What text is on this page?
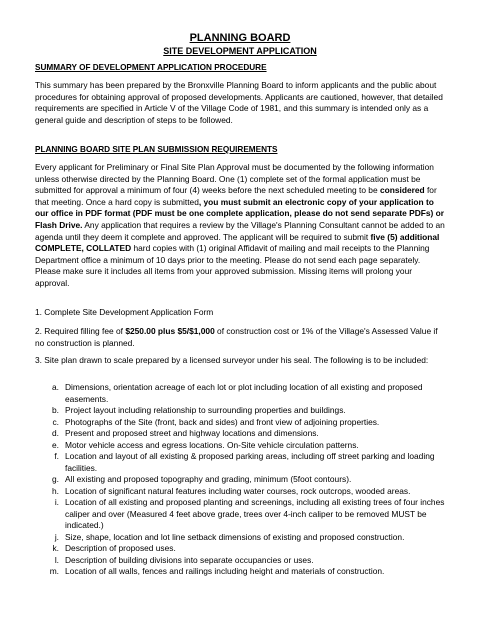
PLANNING BOARD
SITE DEVELOPMENT APPLICATION
SUMMARY OF DEVELOPMENT APPLICATION PROCEDURE
This summary has been prepared by the Bronxville Planning Board to inform applicants and the public about procedures for obtaining approval of proposed developments. Applicants are cautioned, however, that detailed requirements are specified in Article V of the Village Code of 1981, and this summary is intended only as a general guide and description of steps to be followed.
PLANNING BOARD SITE PLAN SUBMISSION REQUIREMENTS
Every applicant for Preliminary or Final Site Plan Approval must be documented by the following information unless otherwise directed by the Planning Board. One (1) complete set of the formal application must be submitted for approval a minimum of four (4) weeks before the next scheduled meeting to be considered for that meeting. Once a hard copy is submitted, you must submit an electronic copy of your application to our office in PDF format (PDF must be one complete application, please do not send separate PDFs) or Flash Drive. Any application that requires a review by the Village's Planning Consultant cannot be added to an agenda until they deem it complete and approved. The applicant will be required to submit five (5) additional COMPLETE, COLLATED hard copies with (1) original Affidavit of mailing and mail receipts to the Planning Department office a minimum of 10 days prior to the meeting. Please do not send each page separately. Please make sure it includes all items from your approved submission. Missing items will prolong your approval.
1. Complete Site Development Application Form
2. Required filling fee of $250.00 plus $5/$1,000 of construction cost or 1% of the Village's Assessed Value if no construction is planned.
3. Site plan drawn to scale prepared by a licensed surveyor under his seal. The following is to be included:
a. Dimensions, orientation acreage of each lot or plot including location of all existing and proposed easements.
b. Project layout including relationship to surrounding properties and buildings.
c. Photographs of the Site (front, back and sides) and front view of adjoining properties.
d. Present and proposed street and highway locations and dimensions.
e. Motor vehicle access and egress locations. On-Site vehicle circulation patterns.
f. Location and layout of all existing & proposed parking areas, including off street parking and loading facilities.
g. All existing and proposed topography and grading, minimum (5foot contours).
h. Location of significant natural features including water courses, rock outcrops, wooded areas.
i. Location of all existing and proposed planting and screenings, including all existing trees of four inches caliper and over (Measured 4 feet above grade, trees over 4-inch caliper to be removed MUST be indicated.)
j. Size, shape, location and lot line setback dimensions of existing and proposed construction.
k. Description of proposed uses.
l. Description of building divisions into separate occupancies or uses.
m. Location of all walls, fences and railings including height and materials of construction.
